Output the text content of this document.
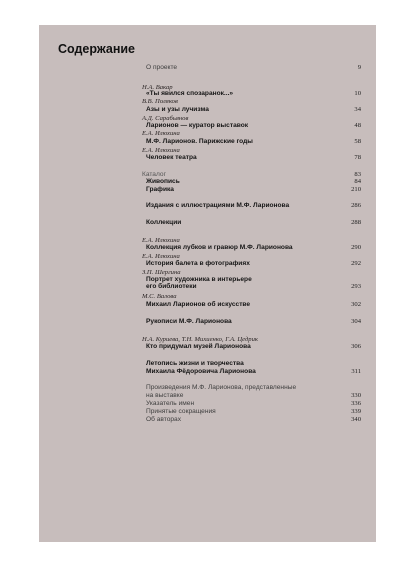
Содержание
О проекте	9
Н.А. Вакар
«Ты явился спозаранок...»	10
В.В. Поляков
Азы и узы лучизма	34
А.Д. Сарабьянов
Ларионов — куратор выставок	48
Е.А. Илюхина
М.Ф. Ларионов. Парижские годы	58
Е.А. Илюхина
Человек театра	78
Каталог	83
Живопись	84
Графика	210
Издания с иллюстрациями М.Ф. Ларионова	286
Коллекции	288
Е.А. Илюхина
Коллекция лубков и гравюр М.Ф. Ларионова	290
Е.А. Илюхина
История балета в фотографиях	292
З.П. Шергина
Портрет художника в интерьере
его библиотеки	293
М.С. Валова
Михаил Ларионов об искусстве	302
Рукописи М.Ф. Ларионова	304
Н.А. Куриева, Т.Н. Михиенко, Г.А. Цедрик
Кто придумал музей Ларионова	306
Летопись жизни и творчества
Михаила Фёдоровича Ларионова	311
Произведения М.Ф. Ларионова, представленные
на выставке	330
Указатель имен	336
Принятые сокращения	339
Об авторах	340
